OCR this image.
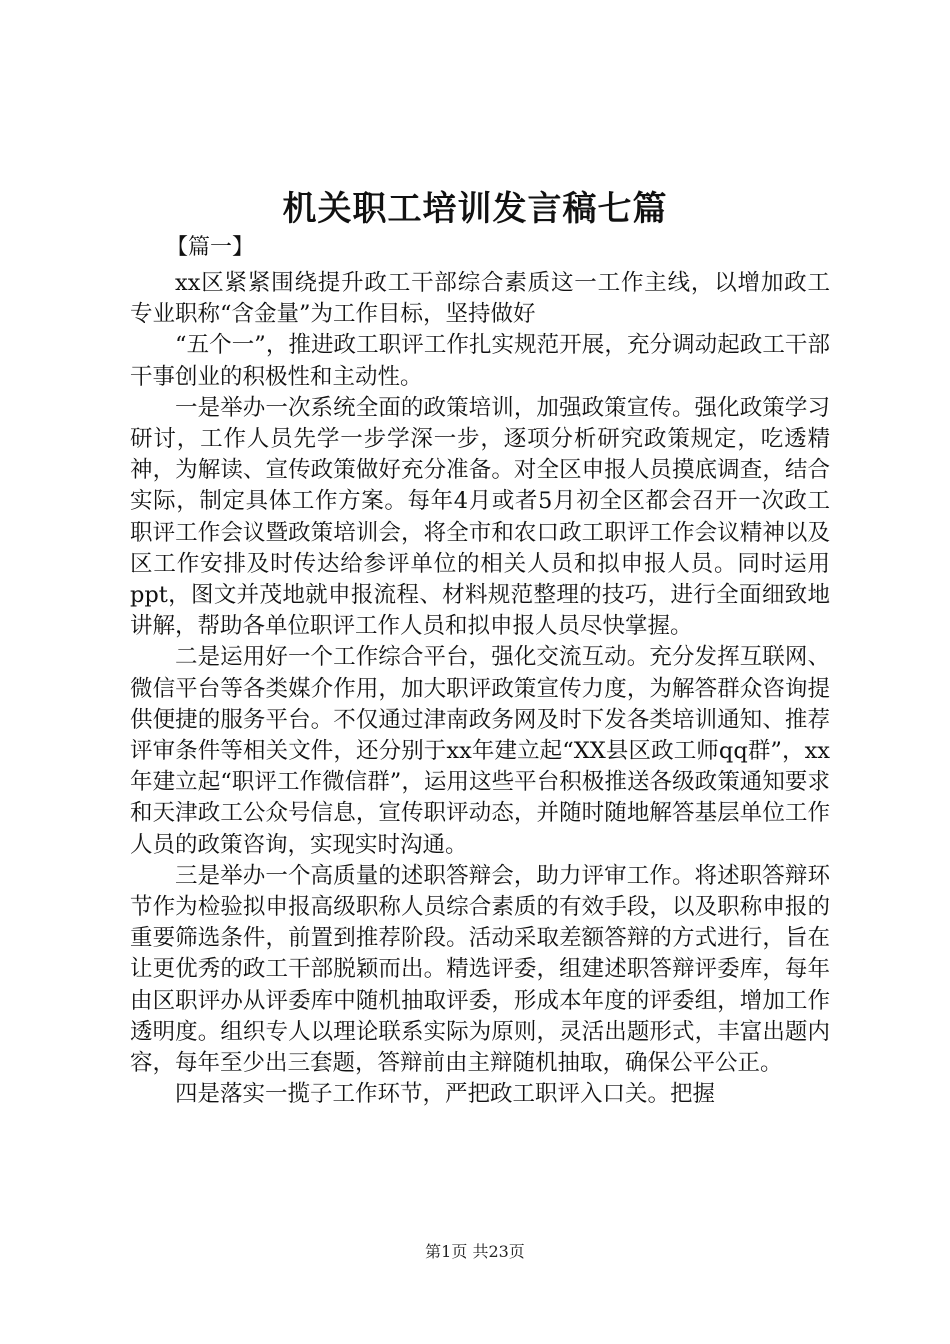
机关职工培训发言稿七篇
【篇一】

xx区紧紧围绕提升政工干部综合素质这一工作主线，以增加政工专业职称“含金量”为工作目标，坚持做好

“五个一”，推进政工职评工作扎实规范开展，充分调动起政工干部干事创业的积极性和主动性。

一是举办一次系统全面的政策培训，加强政策宣传。强化政策学习研讨，工作人员先学一步学深一步，逐项分析研究政策规定，吃透精神，为解读、宣传政策做好充分准备。对全区申报人员摸底调查，结合实际，制定具体工作方案。每年4月或者5月初全区都会召开一次政工职评工作会议暨政策培训会，将全市和农口政工职评工作会议精神以及区工作安排及时传达给参评单位的相关人员和拟申报人员。同时运用ppt，图文并茂地就申报流程、材料规范整理的技巧，进行全面细致地讲解，帮助各单位职评工作人员和拟申报人员尽快掌握。

二是运用好一个工作综合平台，强化交流互动。充分发挥互联网、微信平台等各类媒介作用，加大职评政策宣传力度，为解答群众咨询提供便捷的服务平台。不仅通过津南政务网及时下发各类培训通知、推荐评审条件等相关文件，还分别于xx年建立起“XX县区政工师qq群”，xx年建立起“职评工作微信群”，运用这些平台积极推送各级政策通知要求和天津政工公众号信息，宣传职评动态，并随时随地解答基层单位工作人员的政策咨询，实现实时沟通。

三是举办一个高质量的述职答辩会，助力评审工作。将述职答辩环节作为检验拟申报高级职称人员综合素质的有效手段，以及职称申报的重要筛选条件，前置到推荐阶段。活动采取差额答辩的方式进行，旨在让更优秀的政工干部脱颖而出。精选评委，组建述职答辩评委库，每年由区职评办从评委库中随机抽取评委，形成本年度的评委组，增加工作透明度。组织专人以理论联系实际为原则，灵活出题形式，丰富出题内容，每年至少出三套题，答辩前由主辩随机抽取，确保公平公正。

四是落实一揽子工作环节，严把政工职评入口关。把握

第1页 共23页
